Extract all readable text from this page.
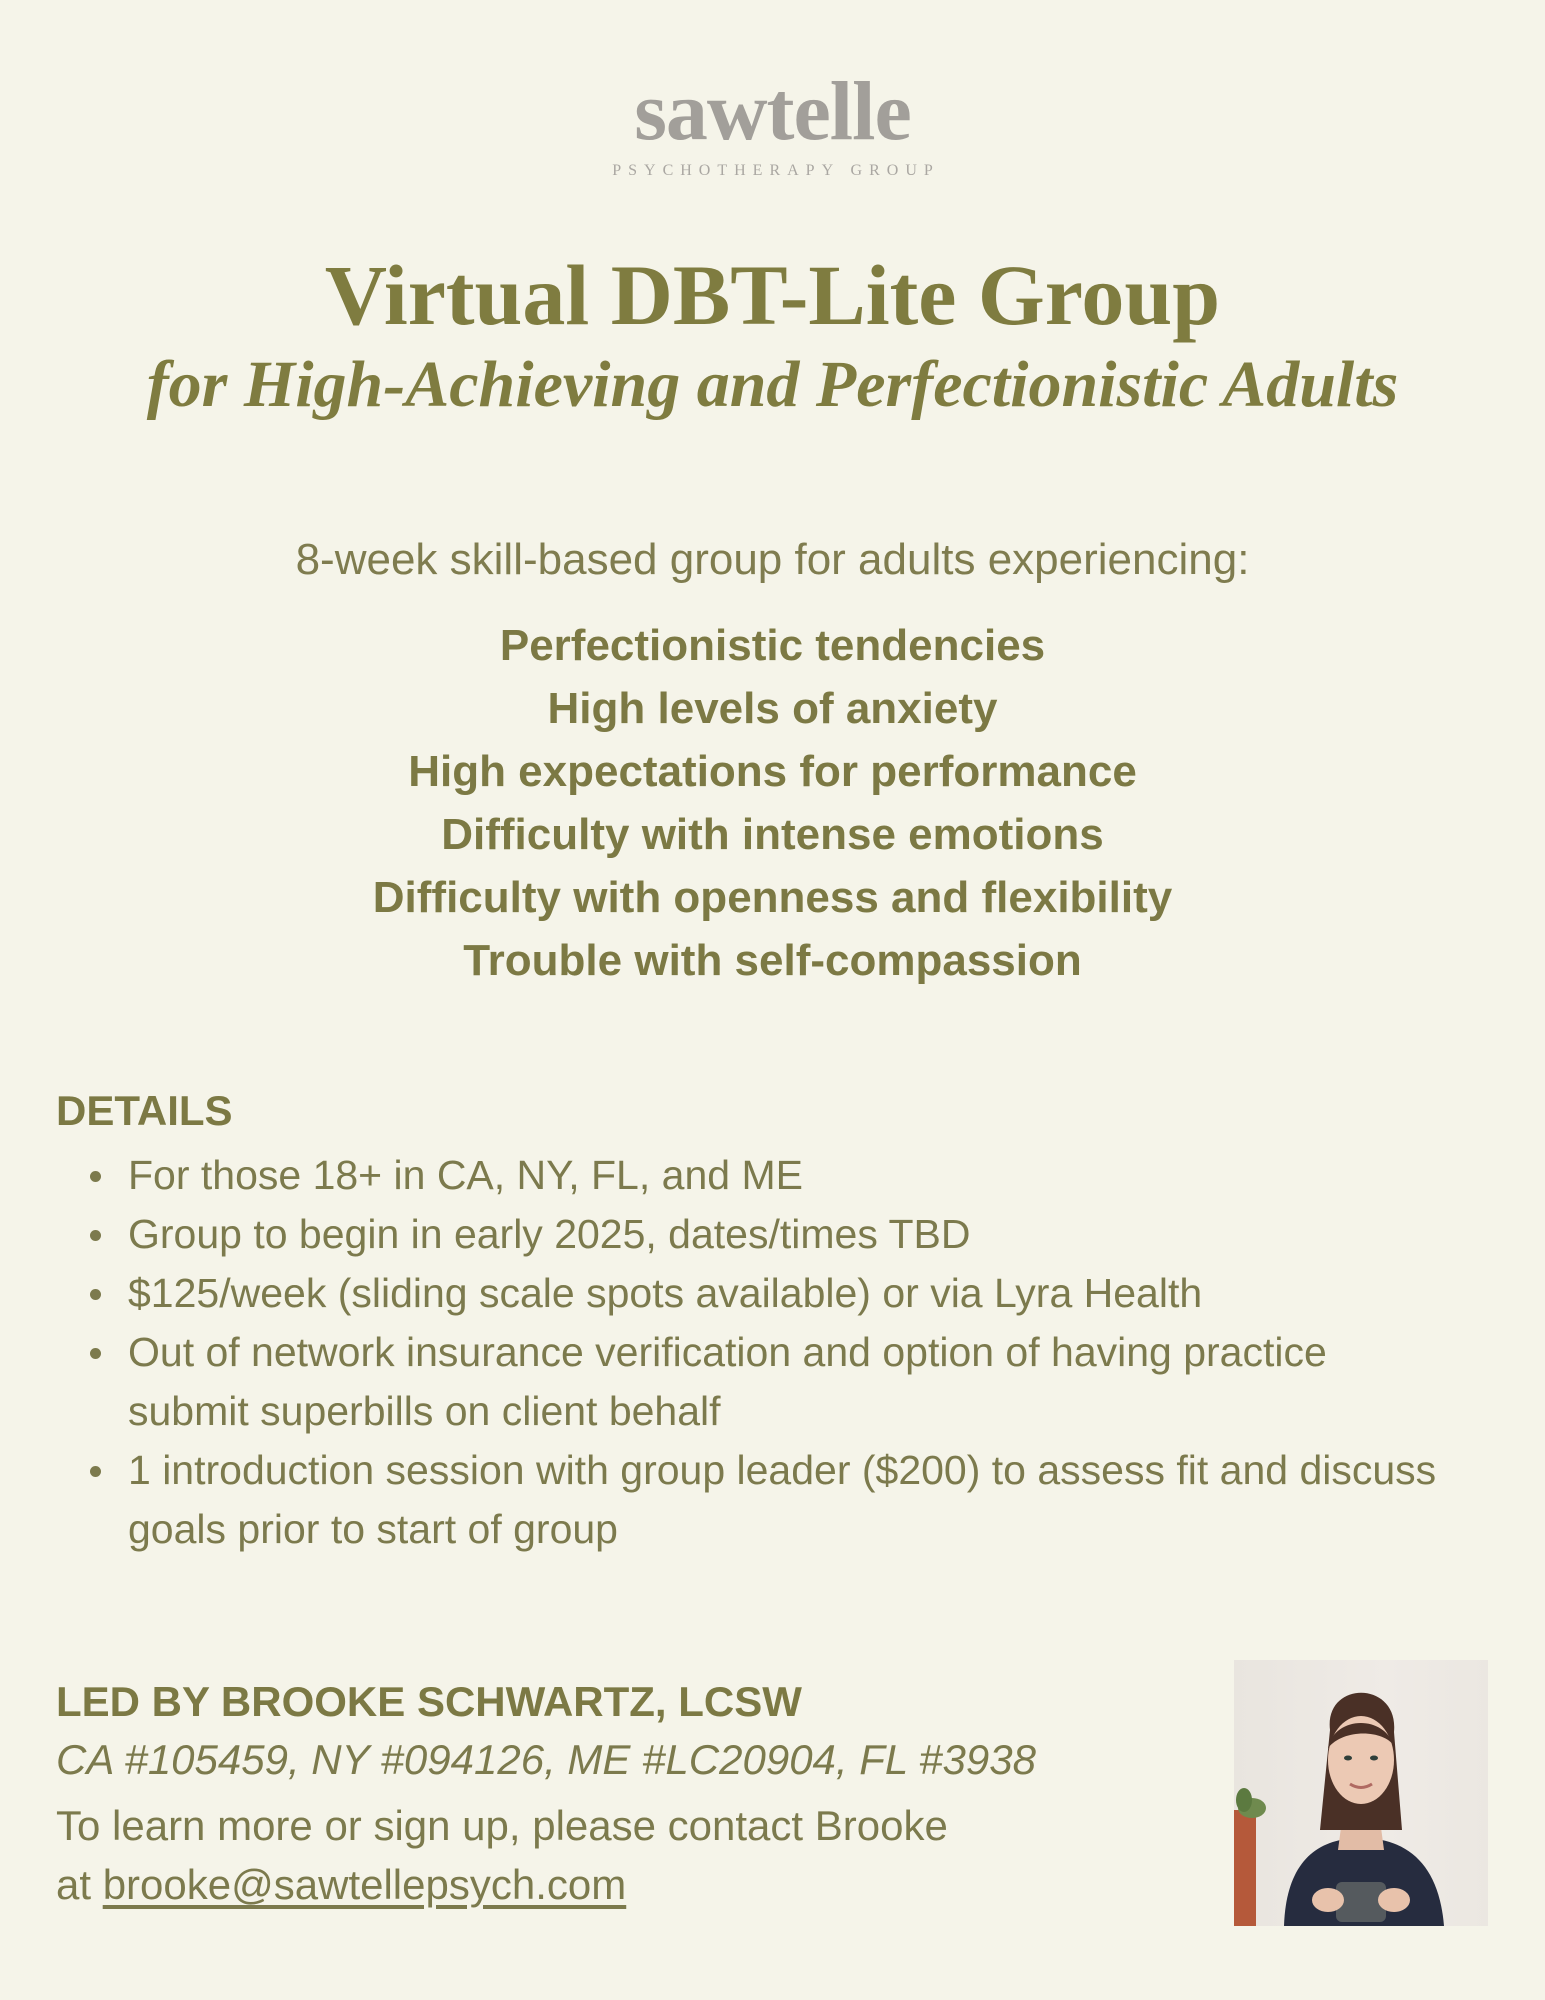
sawtelle
PSYCHOTHERAPY GROUP
Virtual DBT-Lite Group
for High-Achieving and Perfectionistic Adults
8-week skill-based group for adults experiencing:
Perfectionistic tendencies
High levels of anxiety
High expectations for performance
Difficulty with intense emotions
Difficulty with openness and flexibility
Trouble with self-compassion
DETAILS
For those 18+ in CA, NY, FL, and ME
Group to begin in early 2025, dates/times TBD
$125/week (sliding scale spots available) or via Lyra Health
Out of network insurance verification and option of having practice submit superbills on client behalf
1 introduction session with group leader ($200) to assess fit and discuss goals prior to start of group
LED BY BROOKE SCHWARTZ, LCSW
CA #105459, NY #094126, ME #LC20904, FL #3938
To learn more or sign up, please contact Brooke
at brooke@sawtellepsych.com
